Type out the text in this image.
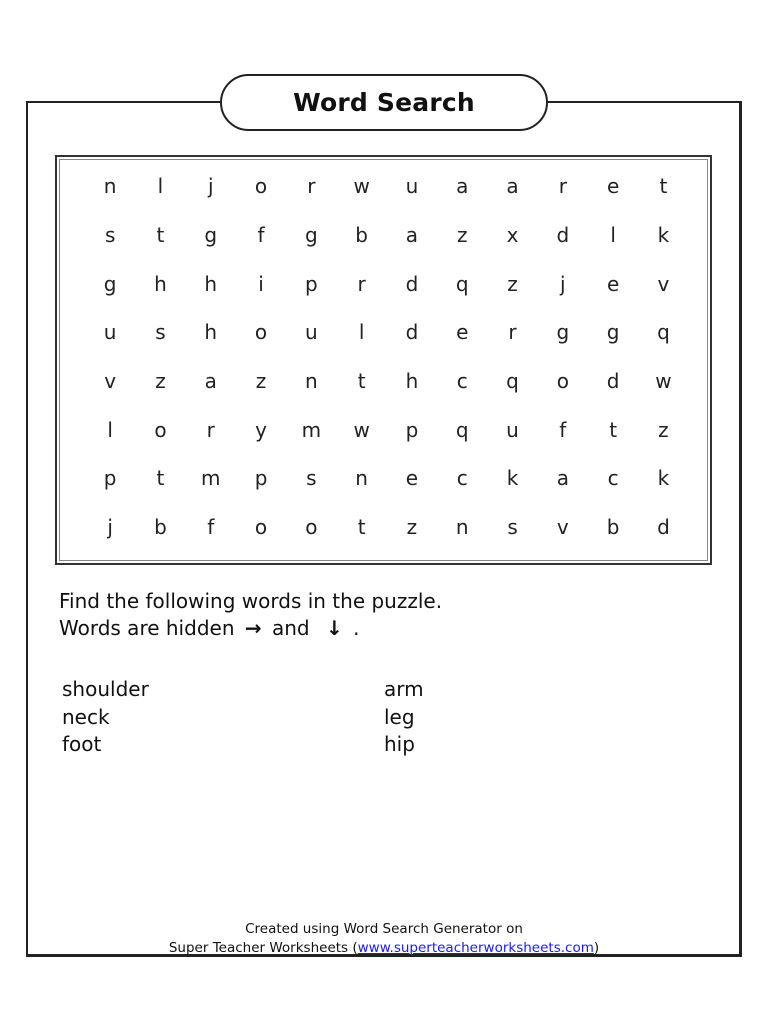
Word Search
n	l	j	o	r	w	u	a	a	r	e	t
s	t	g	f	g	b	a	z	x	d	l	k
g	h	h	i	p	r	d	q	z	j	e	v
u	s	h	o	u	l	d	e	r	g	g	q
v	z	a	z	n	t	h	c	q	o	d	w
l	o	r	y	m	w	p	q	u	f	t	z
p	t	m	p	s	n	e	c	k	a	c	k
j	b	f	o	o	t	z	n	s	v	b	d
Find the following words in the puzzle.
Words are hidden → and ↓ .
shoulder
neck
foot
arm
leg
hip
Created using Word Search Generator on
Super Teacher Worksheets (www.superteacherworksheets.com)
